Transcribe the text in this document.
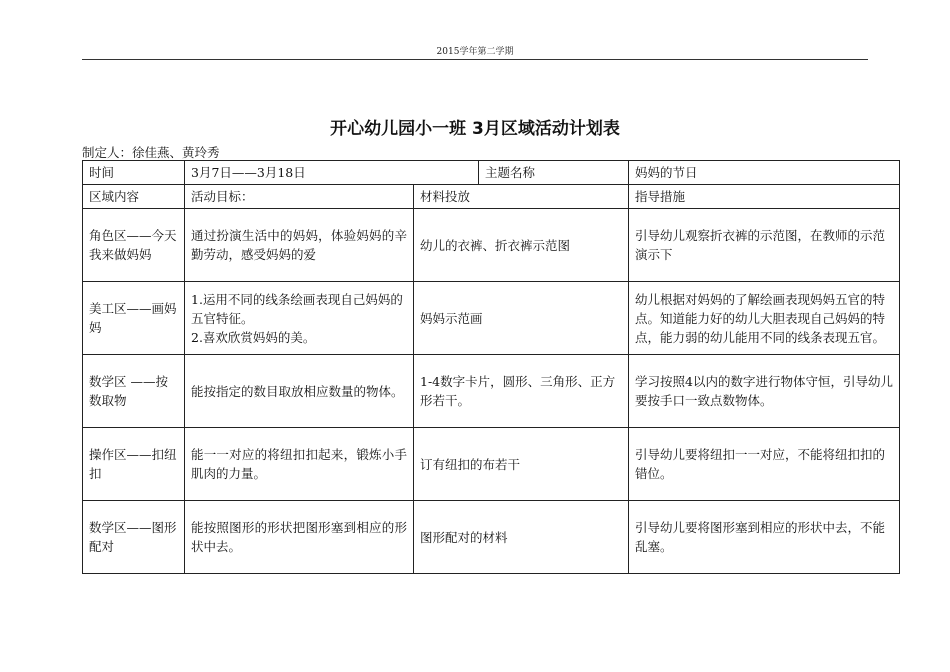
2015学年第二学期
开心幼儿园小一班 3月区域活动计划表
制定人：徐佳燕、黄玲秀
时间	3月7日——3月18日		主题名称	妈妈的节日
区域内容	活动目标：	材料投放		指导措施
角色区——今天我来做妈妈	通过扮演生活中的妈妈，体验妈妈的辛勤劳动，感受妈妈的爱	幼儿的衣裤、折衣裤示范图		引导幼儿观察折衣裤的示范图，在教师的示范演示下
美工区——画妈妈	1.运用不同的线条绘画表现自己妈妈的五官特征。
2.喜欢欣赏妈妈的美。	妈妈示范画		幼儿根据对妈妈的了解绘画表现妈妈五官的特点。知道能力好的幼儿大胆表现自己妈妈的特点，能力弱的幼儿能用不同的线条表现五官。
数学区 ——按数取物	能按指定的数目取放相应数量的物体。	1-4数字卡片，圆形、三角形、正方形若干。		学习按照4以内的数字进行物体守恒，引导幼儿要按手口一致点数物体。
操作区——扣纽扣	能一一对应的将纽扣扣起来，锻炼小手肌肉的力量。	订有纽扣的布若干		引导幼儿要将纽扣一一对应，不能将纽扣扣的错位。
数学区——图形配对	能按照图形的形状把图形塞到相应的形状中去。	图形配对的材料		引导幼儿要将图形塞到相应的形状中去，不能乱塞。
